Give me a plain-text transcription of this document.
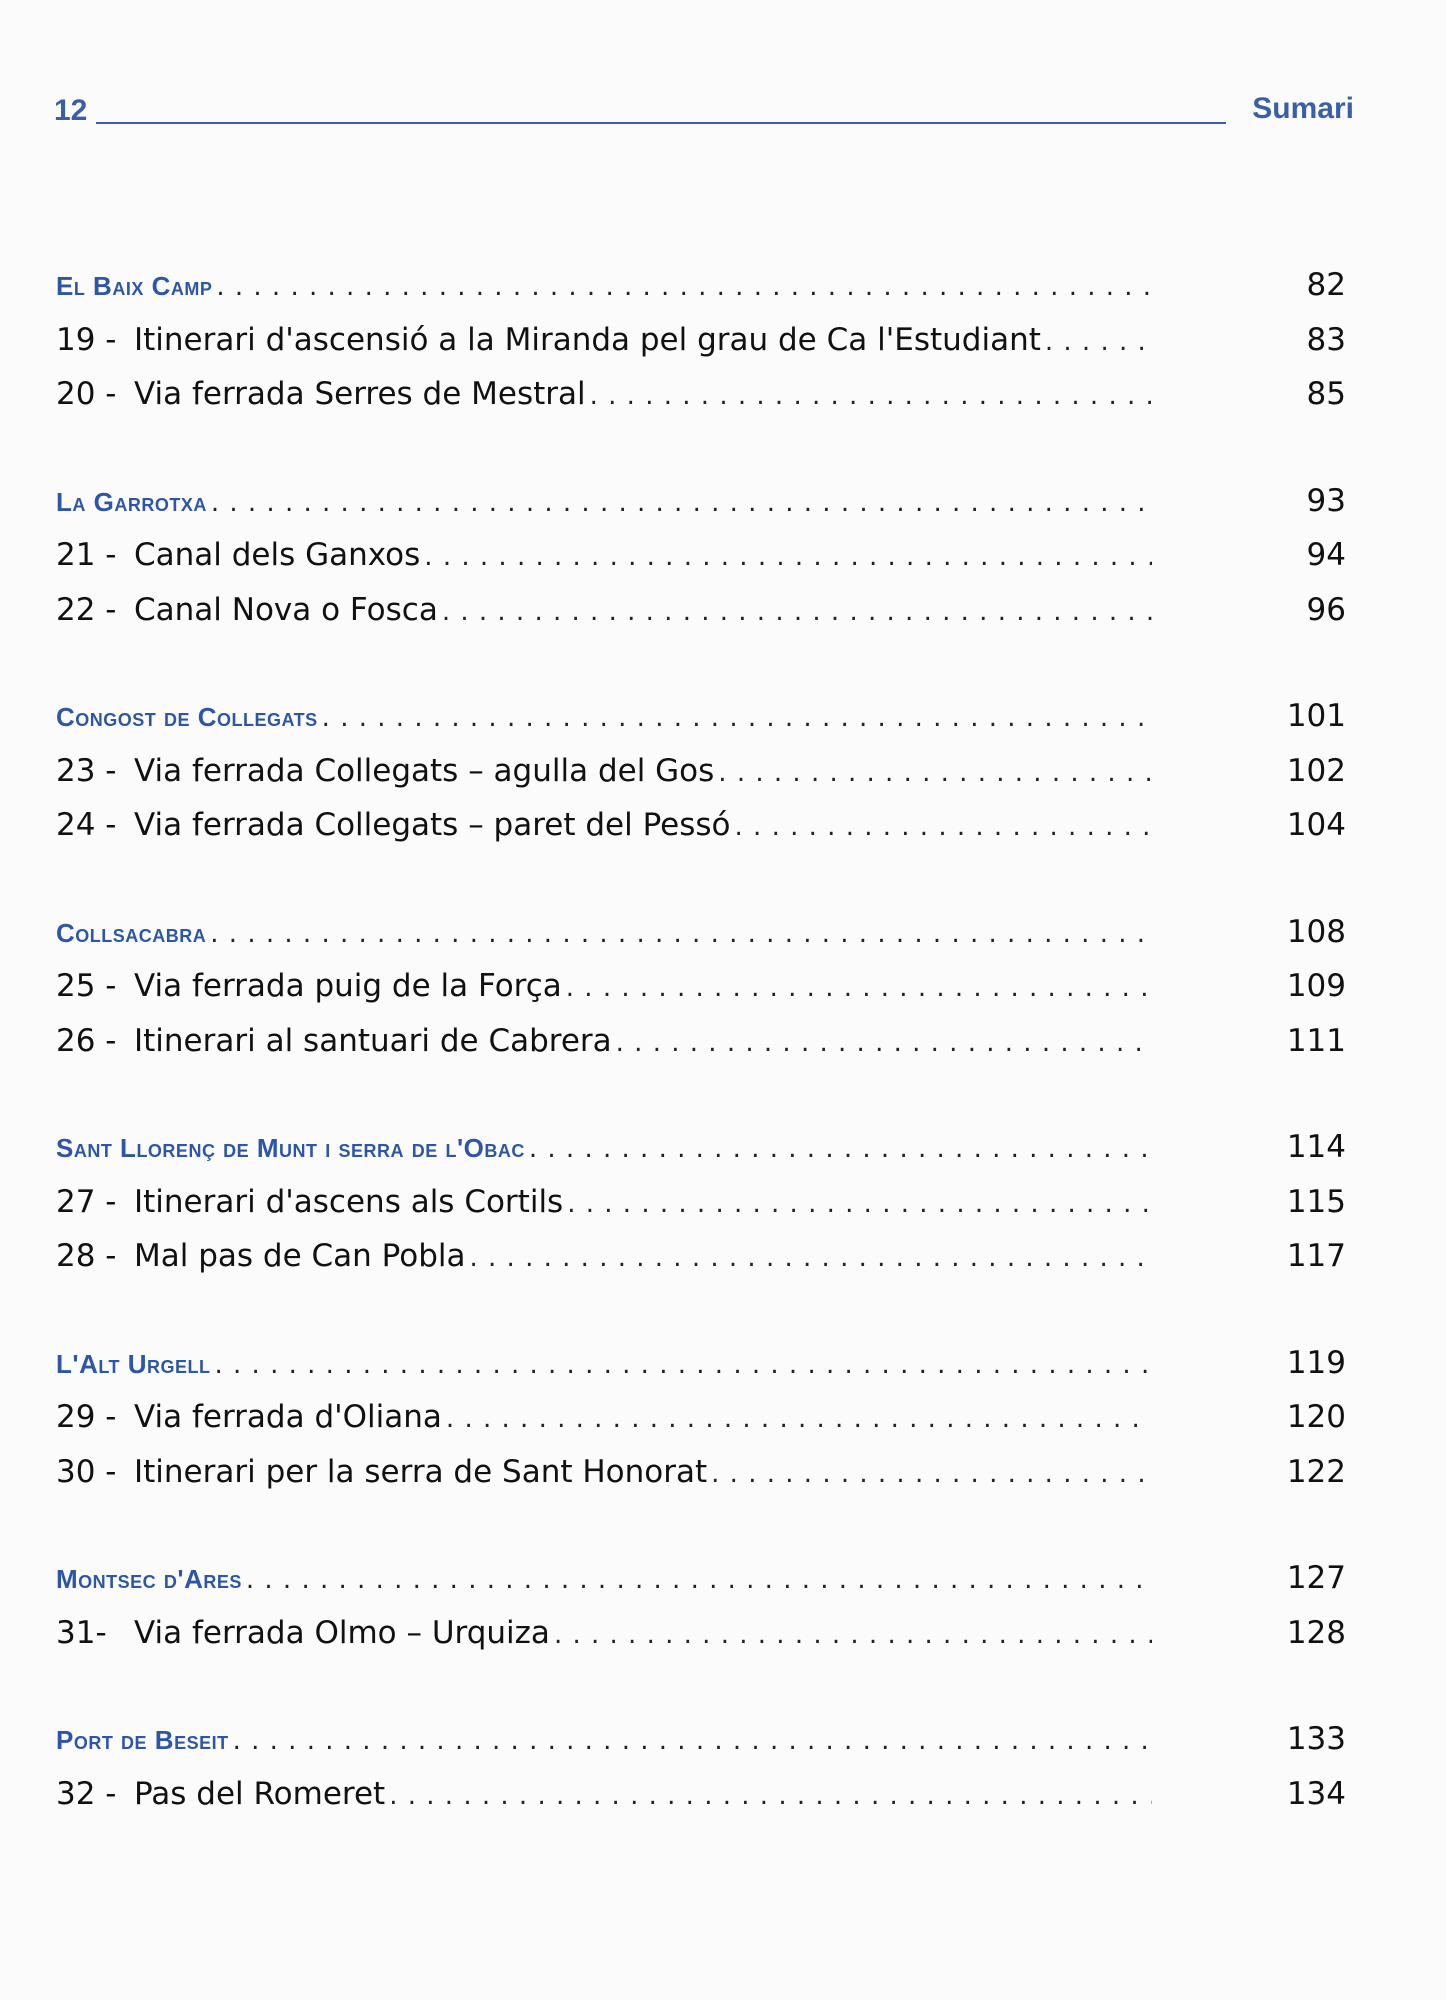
12	Sumari
El Baix Camp . . .	82
19 - Itinerari d'ascensió a la Miranda pel grau de Ca l'Estudiant . . .	83
20 - Via ferrada Serres de Mestral . . .	85
La Garrotxa . . .	93
21 - Canal dels Ganxos . . .	94
22 - Canal Nova o Fosca . . .	96
Congost de Collegats . . .	101
23 - Via ferrada Collegats – agulla del Gos . . .	102
24 - Via ferrada Collegats – paret del Pessó . . .	104
Collsacabra . . .	108
25 - Via ferrada puig de la Força . . .	109
26 - Itinerari al santuari de Cabrera . . .	111
Sant Llorenç de Munt i serra de l'Obac . . .	114
27 - Itinerari d'ascens als Cortils . . .	115
28 - Mal pas de Can Pobla . . .	117
L'Alt Urgell . . .	119
29 - Via ferrada d'Oliana . . .	120
30 - Itinerari per la serra de Sant Honorat . . .	122
Montsec d'Ares . . .	127
31- Via ferrada Olmo – Urquiza . . .	128
Port de Beseit . . .	133
32 - Pas del Romeret . . .	134
